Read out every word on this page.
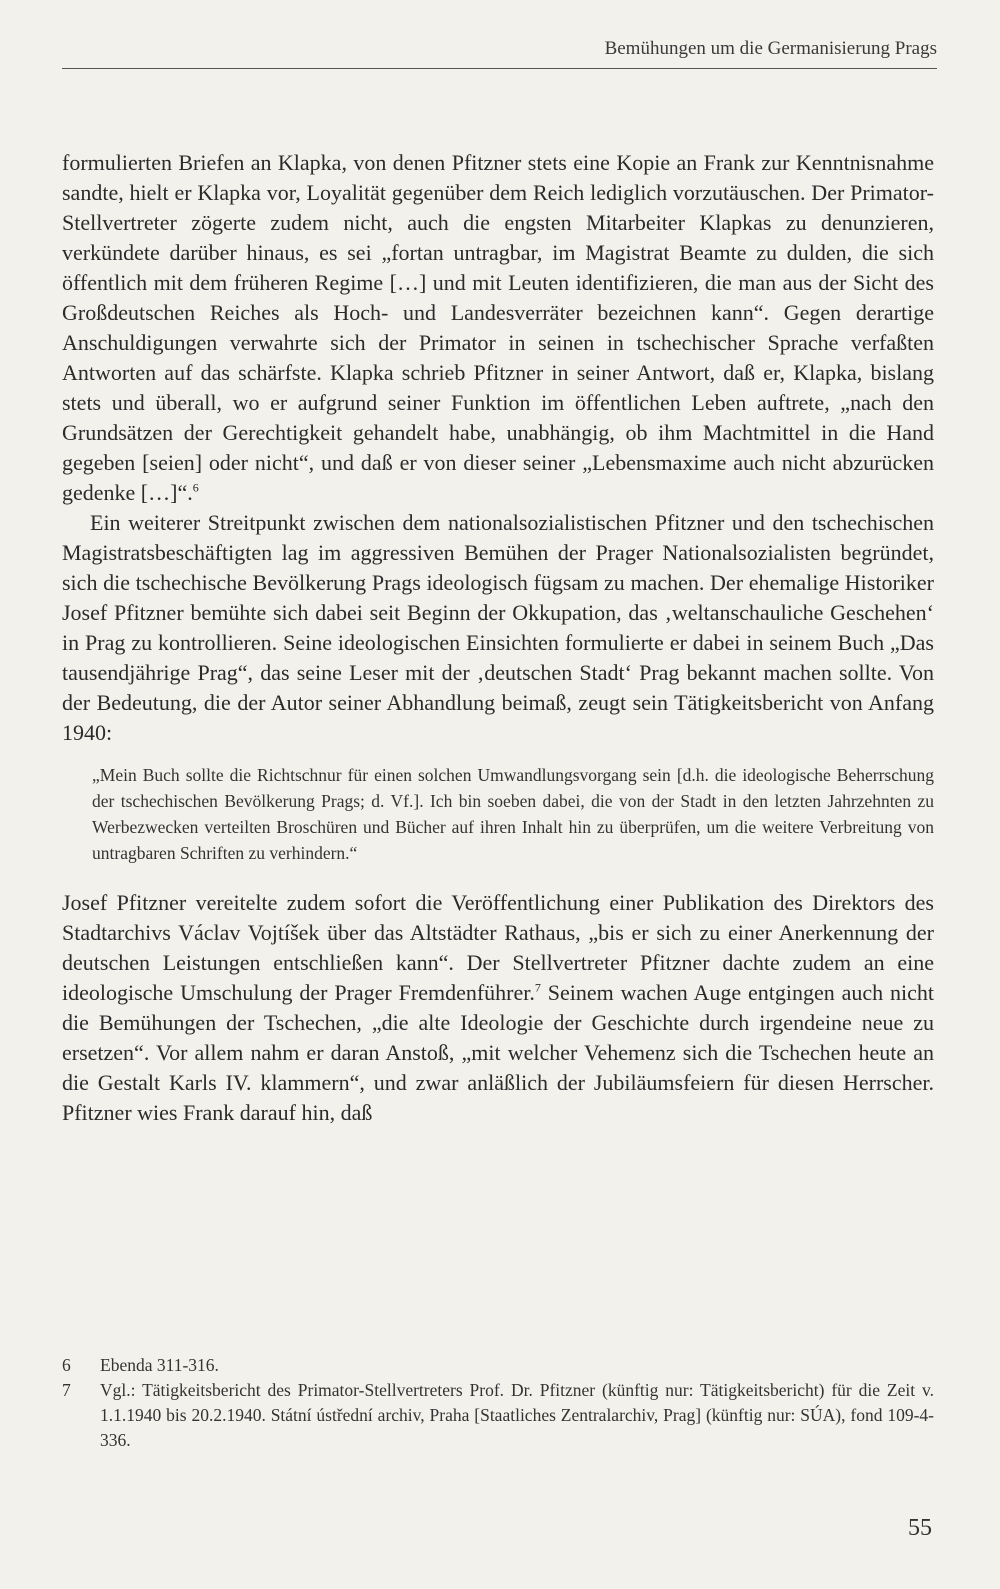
Bemühungen um die Germanisierung Prags

formulierten Briefen an Klapka, von denen Pfitzner stets eine Kopie an Frank zur Kenntnisnahme sandte, hielt er Klapka vor, Loyalität gegenüber dem Reich lediglich vorzutäuschen. Der Primator-Stellvertreter zögerte zudem nicht, auch die engsten Mitarbeiter Klapkas zu denunzieren, verkündete darüber hinaus, es sei „fortan untragbar, im Magistrat Beamte zu dulden, die sich öffentlich mit dem früheren Regime […] und mit Leuten identifizieren, die man aus der Sicht des Großdeutschen Reiches als Hoch- und Landesverräter bezeichnen kann“. Gegen derartige Anschuldigungen verwahrte sich der Primator in seinen in tschechischer Sprache verfaßten Antworten auf das schärfste. Klapka schrieb Pfitzner in seiner Antwort, daß er, Klapka, bislang stets und überall, wo er aufgrund seiner Funktion im öffentlichen Leben auftrete, „nach den Grundsätzen der Gerechtigkeit gehandelt habe, unabhängig, ob ihm Machtmittel in die Hand gegeben [seien] oder nicht“, und daß er von dieser seiner „Lebensmaxime auch nicht abzurücken gedenke […]“.$^6$

Ein weiterer Streitpunkt zwischen dem nationalsozialistischen Pfitzner und den tschechischen Magistratsbeschäftigten lag im aggressiven Bemühen der Prager Nationalsozialisten begründet, sich die tschechische Bevölkerung Prags ideologisch fügsam zu machen. Der ehemalige Historiker Josef Pfitzner bemühte sich dabei seit Beginn der Okkupation, das ‚weltanschauliche Geschehen‘ in Prag zu kontrollieren. Seine ideologischen Einsichten formulierte er dabei in seinem Buch „Das tausendjährige Prag“, das seine Leser mit der ‚deutschen Stadt‘ Prag bekannt machen sollte. Von der Bedeutung, die der Autor seiner Abhandlung beimaß, zeugt sein Tätigkeitsbericht von Anfang 1940:

„Mein Buch sollte die Richtschnur für einen solchen Umwandlungsvorgang sein [d.h. die ideologische Beherrschung der tschechischen Bevölkerung Prags; d. Vf.]. Ich bin soeben dabei, die von der Stadt in den letzten Jahrzehnten zu Werbezwecken verteilten Broschüren und Bücher auf ihren Inhalt hin zu überprüfen, um die weitere Verbreitung von untragbaren Schriften zu verhindern.“

Josef Pfitzner vereitelte zudem sofort die Veröffentlichung einer Publikation des Direktors des Stadtarchivs Václav Vojtíšek über das Altstädter Rathaus, „bis er sich zu einer Anerkennung der deutschen Leistungen entschließen kann“. Der Stellvertreter Pfitzner dachte zudem an eine ideologische Umschulung der Prager Fremdenführer.$^7$ Seinem wachen Auge entgingen auch nicht die Bemühungen der Tschechen, „die alte Ideologie der Geschichte durch irgendeine neue zu ersetzen“. Vor allem nahm er daran Anstoß, „mit welcher Vehemenz sich die Tschechen heute an die Gestalt Karls IV. klammern“, und zwar anläßlich der Jubiläumsfeiern für diesen Herrscher. Pfitzner wies Frank darauf hin, daß

6	Ebenda 311-316.

7	Vgl.: Tätigkeitsbericht des Primator-Stellvertreters Prof. Dr. Pfitzner (künftig nur: Tätigkeitsbericht) für die Zeit v. 1.1.1940 bis 20.2.1940. Státní ústřední archiv, Praha [Staatliches Zentralarchiv, Prag] (künftig nur: SÚA), fond 109-4-336.

55
